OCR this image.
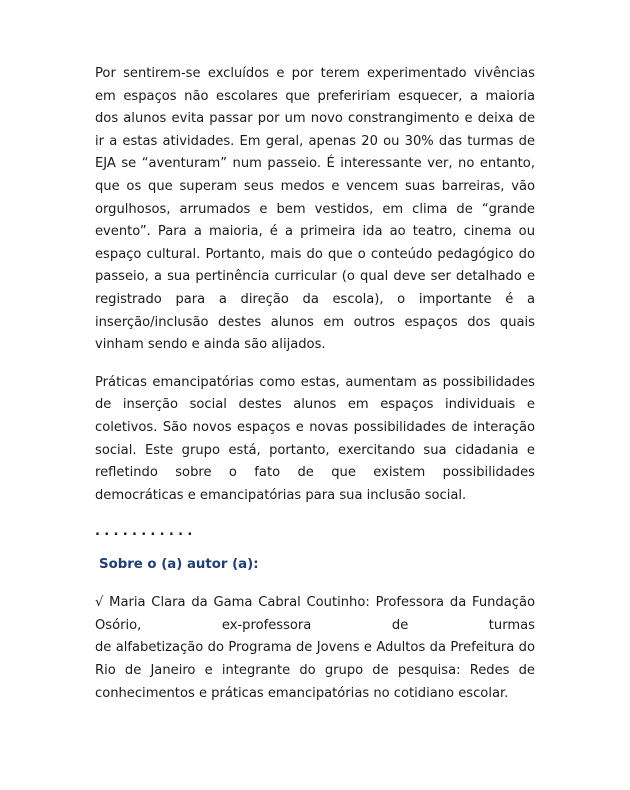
Por sentirem-se excluídos e por terem experimentado vivências em espaços não escolares que prefeririam esquecer, a maioria dos alunos evita passar por um novo constrangimento e deixa de ir a estas atividades. Em geral, apenas 20 ou 30% das turmas de EJA se “aventuram” num passeio. É interessante ver, no entanto, que os que superam seus medos e vencem suas barreiras, vão orgulhosos, arrumados e bem vestidos, em clima de “grande evento”. Para a maioria, é a primeira ida ao teatro, cinema ou espaço cultural. Portanto, mais do que o conteúdo pedagógico do passeio, a sua pertinência curricular (o qual deve ser detalhado e registrado para a direção da escola), o importante é a inserção/inclusão destes alunos em outros espaços dos quais vinham sendo e ainda são alijados.

Práticas emancipatórias como estas, aumentam as possibilidades de inserção social destes alunos em espaços individuais e coletivos. São novos espaços e novas possibilidades de interação social. Este grupo está, portanto, exercitando sua cidadania e refletindo sobre o fato de que existem possibilidades democráticas e emancipatórias para sua inclusão social.

...........
Sobre o (a) autor (a):
√ Maria Clara da Gama Cabral Coutinho: Professora da Fundação
Osório, ex-professora de turmas
de alfabetização do Programa de Jovens e Adultos da Prefeitura do
Rio de Janeiro e integrante do grupo de pesquisa: Redes de
conhecimentos e práticas emancipatórias no cotidiano escolar.
